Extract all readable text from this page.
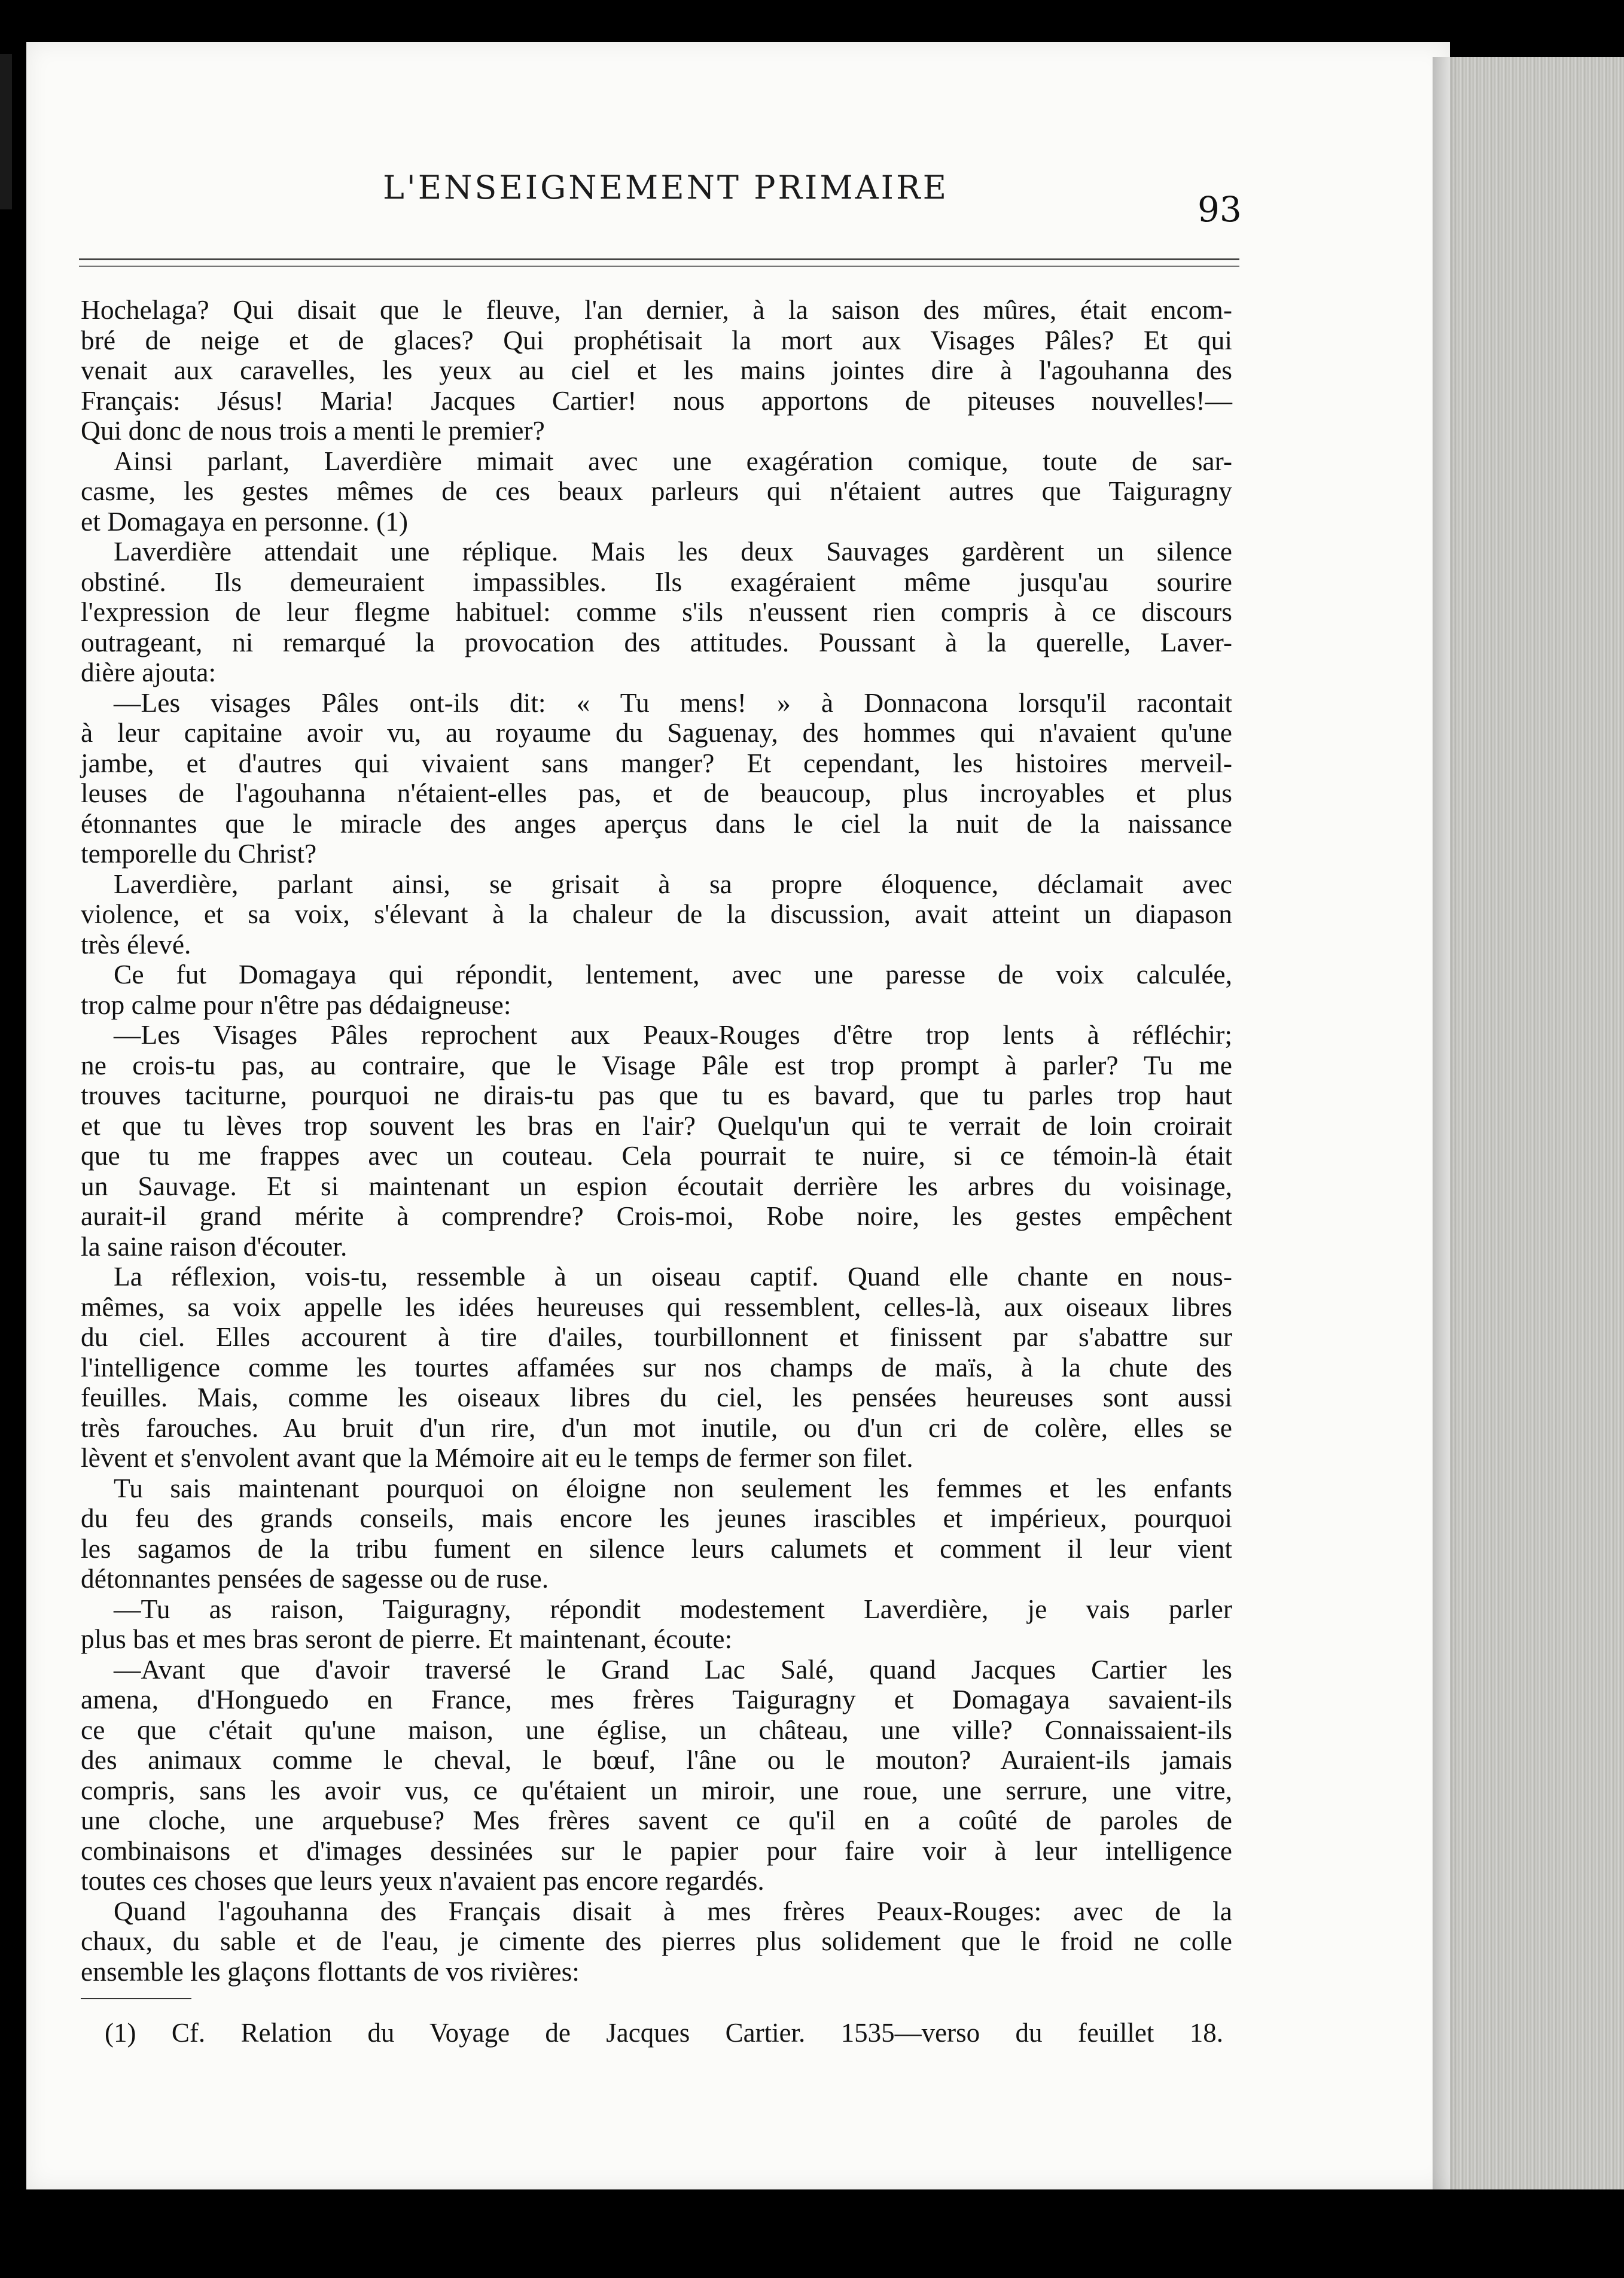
L'ENSEIGNEMENT PRIMAIRE
93
Hochelaga? Qui disait que le fleuve, l'an dernier, à la saison des mûres, était encom-
bré de neige et de glaces? Qui prophétisait la mort aux Visages Pâles? Et qui
venait aux caravelles, les yeux au ciel et les mains jointes dire à l'agouhanna des
Français: Jésus! Maria! Jacques Cartier! nous apportons de piteuses nouvelles!—
Qui donc de nous trois a menti le premier?
Ainsi parlant, Laverdière mimait avec une exagération comique, toute de sar-
casme, les gestes mêmes de ces beaux parleurs qui n'étaient autres que Taiguragny
et Domagaya en personne. (1)
Laverdière attendait une réplique. Mais les deux Sauvages gardèrent un silence
obstiné. Ils demeuraient impassibles. Ils exagéraient même jusqu'au sourire
l'expression de leur flegme habituel: comme s'ils n'eussent rien compris à ce discours
outrageant, ni remarqué la provocation des attitudes. Poussant à la querelle, Laver-
dière ajouta:
—Les visages Pâles ont-ils dit: « Tu mens! » à Donnacona lorsqu'il racontait
à leur capitaine avoir vu, au royaume du Saguenay, des hommes qui n'avaient qu'une
jambe, et d'autres qui vivaient sans manger? Et cependant, les histoires merveil-
leuses de l'agouhanna n'étaient-elles pas, et de beaucoup, plus incroyables et plus
étonnantes que le miracle des anges aperçus dans le ciel la nuit de la naissance
temporelle du Christ?
Laverdière, parlant ainsi, se grisait à sa propre éloquence, déclamait avec
violence, et sa voix, s'élevant à la chaleur de la discussion, avait atteint un diapason
très élevé.
Ce fut Domagaya qui répondit, lentement, avec une paresse de voix calculée,
trop calme pour n'être pas dédaigneuse:
—Les Visages Pâles reprochent aux Peaux-Rouges d'être trop lents à réfléchir;
ne crois-tu pas, au contraire, que le Visage Pâle est trop prompt à parler? Tu me
trouves taciturne, pourquoi ne dirais-tu pas que tu es bavard, que tu parles trop haut
et que tu lèves trop souvent les bras en l'air? Quelqu'un qui te verrait de loin croirait
que tu me frappes avec un couteau. Cela pourrait te nuire, si ce témoin-là était
un Sauvage. Et si maintenant un espion écoutait derrière les arbres du voisinage,
aurait-il grand mérite à comprendre? Crois-moi, Robe noire, les gestes empêchent
la saine raison d'écouter.
La réflexion, vois-tu, ressemble à un oiseau captif. Quand elle chante en nous-
mêmes, sa voix appelle les idées heureuses qui ressemblent, celles-là, aux oiseaux libres
du ciel. Elles accourent à tire d'ailes, tourbillonnent et finissent par s'abattre sur
l'intelligence comme les tourtes affamées sur nos champs de maïs, à la chute des
feuilles. Mais, comme les oiseaux libres du ciel, les pensées heureuses sont aussi
très farouches. Au bruit d'un rire, d'un mot inutile, ou d'un cri de colère, elles se
lèvent et s'envolent avant que la Mémoire ait eu le temps de fermer son filet.
Tu sais maintenant pourquoi on éloigne non seulement les femmes et les enfants
du feu des grands conseils, mais encore les jeunes irascibles et impérieux, pourquoi
les sagamos de la tribu fument en silence leurs calumets et comment il leur vient
détonnantes pensées de sagesse ou de ruse.
—Tu as raison, Taiguragny, répondit modestement Laverdière, je vais parler
plus bas et mes bras seront de pierre. Et maintenant, écoute:
—Avant que d'avoir traversé le Grand Lac Salé, quand Jacques Cartier les
amena, d'Honguedo en France, mes frères Taiguragny et Domagaya savaient-ils
ce que c'était qu'une maison, une église, un château, une ville? Connaissaient-ils
des animaux comme le cheval, le bœuf, l'âne ou le mouton? Auraient-ils jamais
compris, sans les avoir vus, ce qu'étaient un miroir, une roue, une serrure, une vitre,
une cloche, une arquebuse? Mes frères savent ce qu'il en a coûté de paroles de
combinaisons et d'images dessinées sur le papier pour faire voir à leur intelligence
toutes ces choses que leurs yeux n'avaient pas encore regardés.
Quand l'agouhanna des Français disait à mes frères Peaux-Rouges: avec de la
chaux, du sable et de l'eau, je cimente des pierres plus solidement que le froid ne colle
ensemble les glaçons flottants de vos rivières:
(1) Cf. Relation du Voyage de Jacques Cartier. 1535—verso du feuillet 18.
